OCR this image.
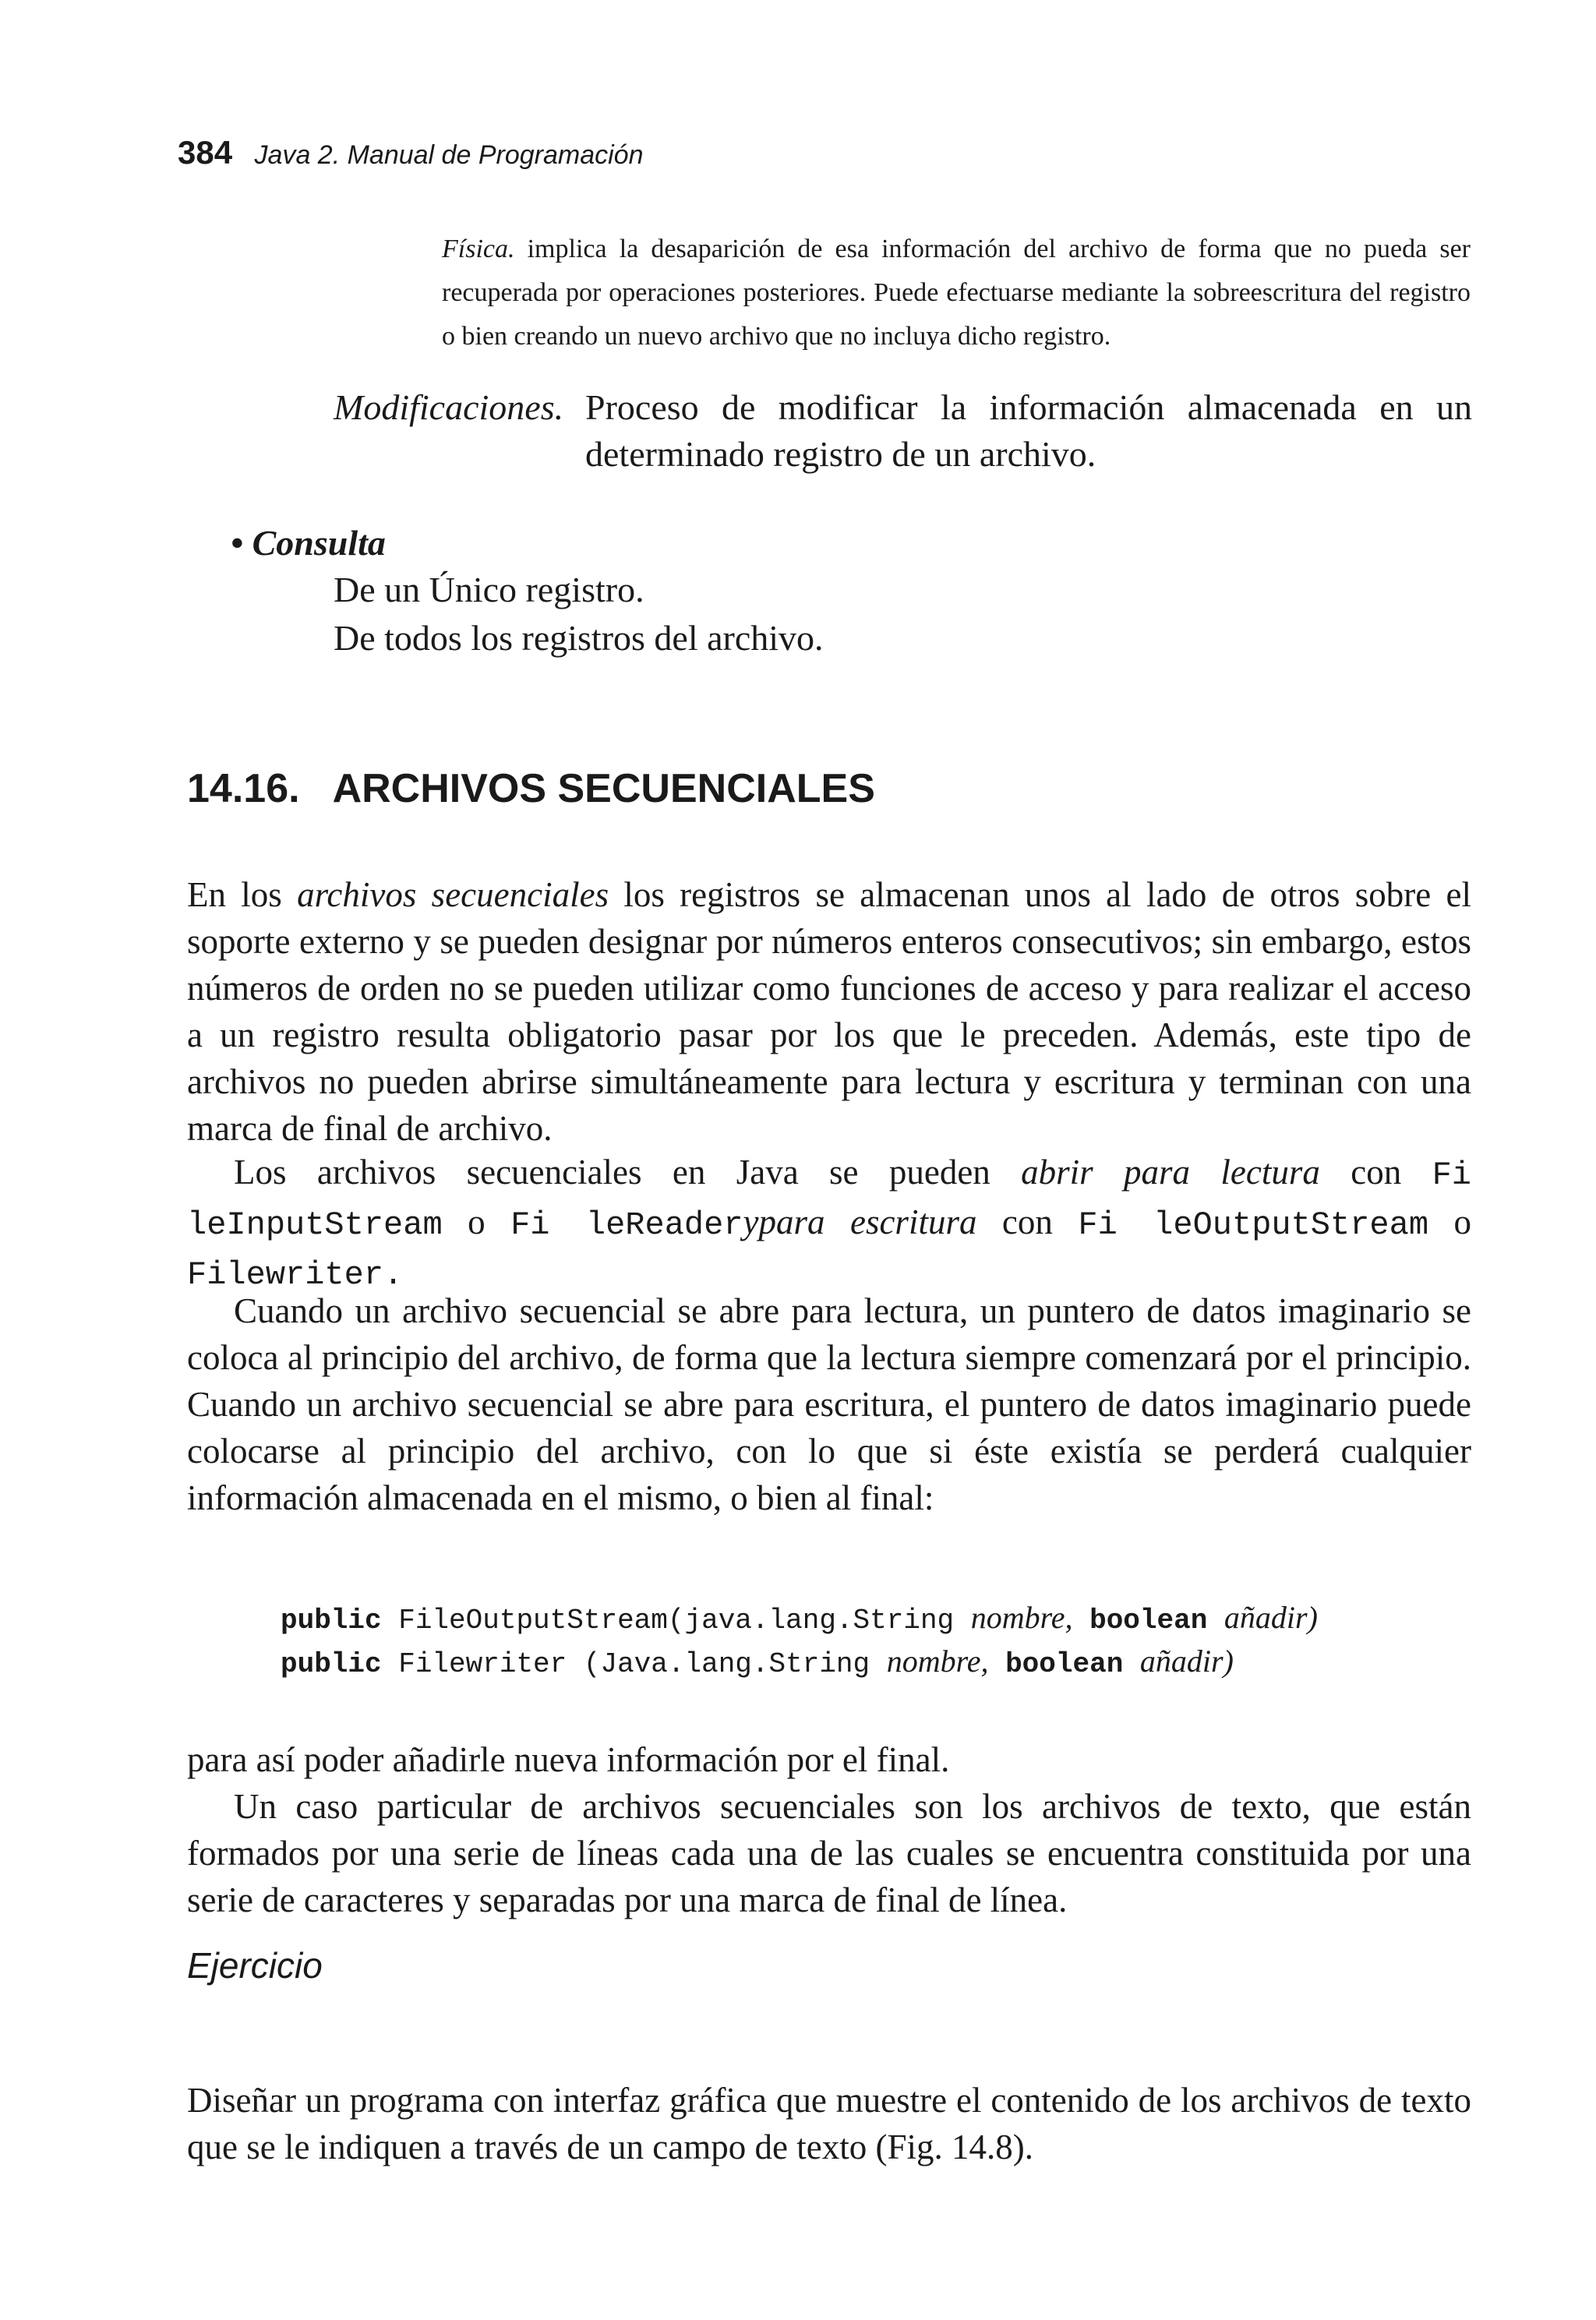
384 Java 2. Manual de Programación
Física. implica la desaparición de esa información del archivo de forma que no pueda ser recuperada por operaciones posteriores. Puede efectuarse mediante la sobreescritura del registro o bien creando un nuevo archivo que no incluya dicho registro.
Modificaciones. Proceso de modificar la información almacenada en un determinado registro de un archivo.
• Consulta
De un Único registro.
De todos los registros del archivo.
14.16. ARCHIVOS SECUENCIALES
En los archivos secuenciales los registros se almacenan unos al lado de otros sobre el soporte externo y se pueden designar por números enteros consecutivos; sin embargo, estos números de orden no se pueden utilizar como funciones de acceso y para realizar el acceso a un registro resulta obligatorio pasar por los que le preceden. Además, este tipo de archivos no pueden abrirse simultáneamente para lectura y escritura y terminan con una marca de final de archivo.
Los archivos secuenciales en Java se pueden abrir para lectura con Fi leInputStream o Fi leReaderypara escritura con Fi leOutputStream o Filewriter.
Cuando un archivo secuencial se abre para lectura, un puntero de datos imaginario se coloca al principio del archivo, de forma que la lectura siempre comenzará por el principio. Cuando un archivo secuencial se abre para escritura, el puntero de datos imaginario puede colocarse al principio del archivo, con lo que si éste existía se perderá cualquier información almacenada en el mismo, o bien al final:
public FileOutputStream(java.lang.String nombre, boolean añadir)
public Filewriter (Java.lang.String nombre, boolean añadir)
para así poder añadirle nueva información por el final.
Un caso particular de archivos secuenciales son los archivos de texto, que están formados por una serie de líneas cada una de las cuales se encuentra constituida por una serie de caracteres y separadas por una marca de final de línea.
Ejercicio
Diseñar un programa con interfaz gráfica que muestre el contenido de los archivos de texto que se le indiquen a través de un campo de texto (Fig. 14.8).
